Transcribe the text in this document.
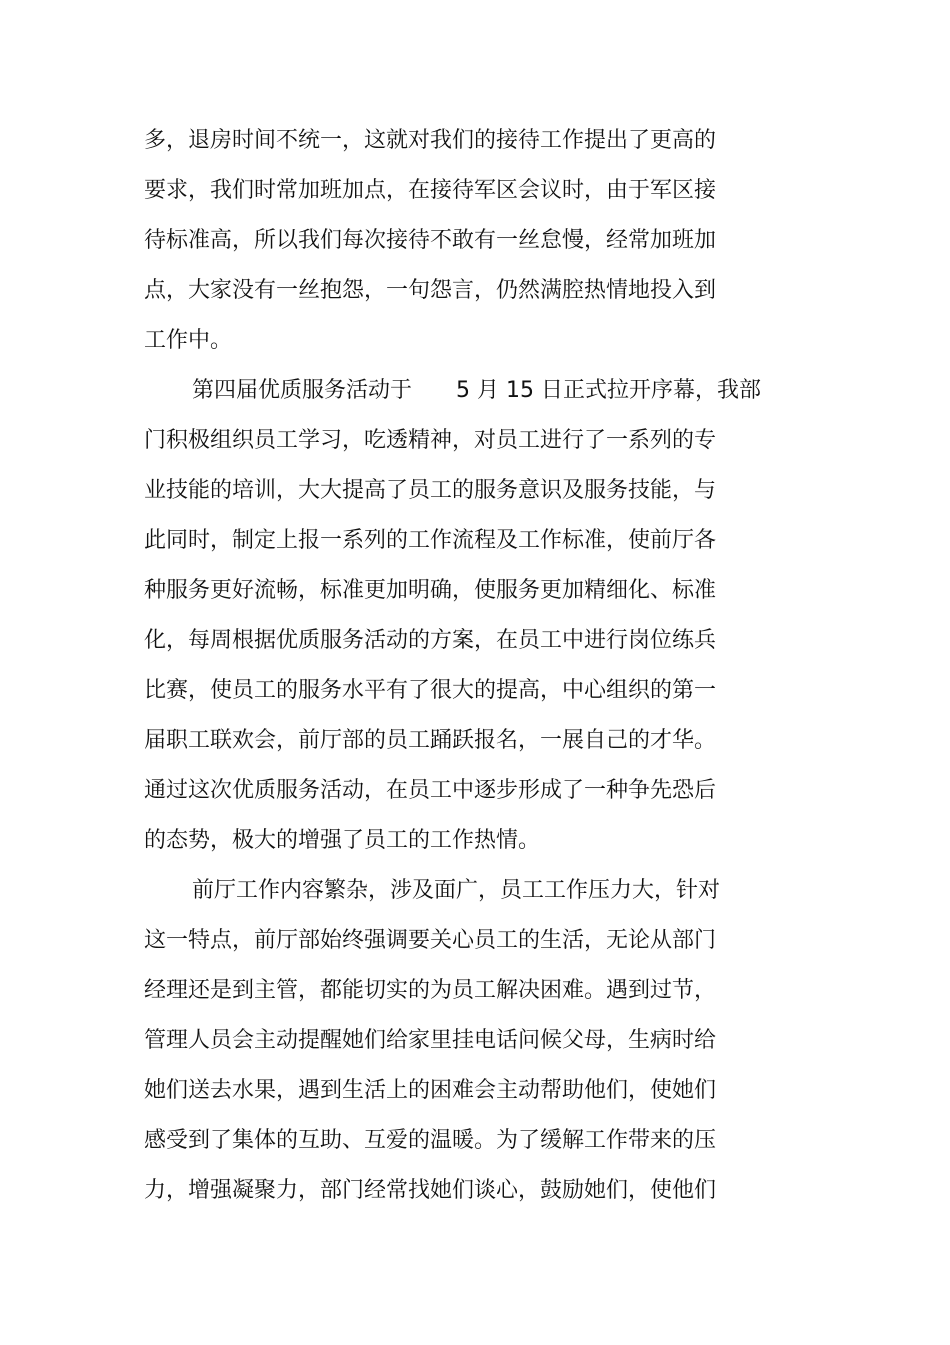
多，退房时间不统一，这就对我们的接待工作提出了更高的
要求，我们时常加班加点，在接待军区会议时，由于军区接
待标准高，所以我们每次接待不敢有一丝怠慢，经常加班加
点，大家没有一丝抱怨，一句怨言，仍然满腔热情地投入到
工作中。
第四届优质服务活动于　　5 月 15 日正式拉开序幕，我部
门积极组织员工学习，吃透精神，对员工进行了一系列的专
业技能的培训，大大提高了员工的服务意识及服务技能，与
此同时，制定上报一系列的工作流程及工作标准，使前厅各
种服务更好流畅，标准更加明确，使服务更加精细化、标准
化，每周根据优质服务活动的方案，在员工中进行岗位练兵
比赛，使员工的服务水平有了很大的提高，中心组织的第一
届职工联欢会，前厅部的员工踊跃报名，一展自己的才华。
通过这次优质服务活动，在员工中逐步形成了一种争先恐后
的态势，极大的增强了员工的工作热情。
前厅工作内容繁杂，涉及面广，员工工作压力大，针对
这一特点，前厅部始终强调要关心员工的生活，无论从部门
经理还是到主管，都能切实的为员工解决困难。遇到过节，
管理人员会主动提醒她们给家里挂电话问候父母，生病时给
她们送去水果，遇到生活上的困难会主动帮助他们，使她们
感受到了集体的互助、互爱的温暖。为了缓解工作带来的压
力，增强凝聚力，部门经常找她们谈心，鼓励她们，使他们
